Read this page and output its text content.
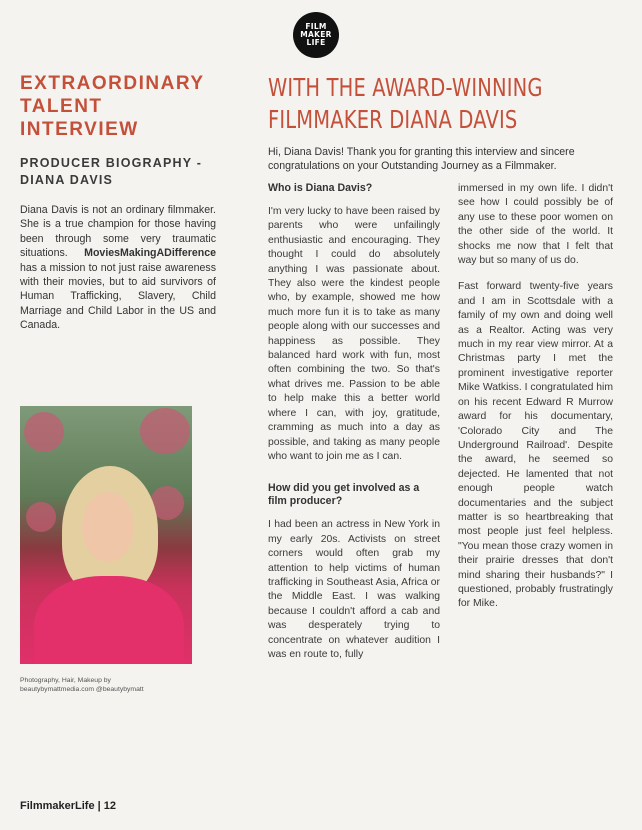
FILM
MAKER
LIFE
EXTRAORDINARY TALENT INTERVIEW
PRODUCER BIOGRAPHY - DIANA DAVIS

Diana Davis is not an ordinary filmmaker. She is a true champion for those having been through some very traumatic situations. MoviesMakingADifference has a mission to not just raise awareness with their movies, but to aid survivors of Human Trafficking, Slavery, Child Marriage and Child Labor in the US and Canada.

Photography, Hair, Makeup by
beautybymattmedia.com @beautybymatt
WITH THE AWARD-WINNING FILMMAKER DIANA DAVIS

Hi, Diana Davis! Thank you for granting this interview and sincere congratulations on your Outstanding Journey as a Filmmaker.

Who is Diana Davis?

I'm very lucky to have been raised by parents who were unfailingly enthusiastic and encouraging. They thought I could do absolutely anything I was passionate about. They also were the kindest people who, by example, showed me how much more fun it is to take as many people along with our successes and happiness as possible. They balanced hard work with fun, most often combining the two. So that's what drives me. Passion to be able to help make this a better world where I can, with joy, gratitude, cramming as much into a day as possible, and taking as many people who want to join me as I can.

How did you get involved as a film producer?

I had been an actress in New York in my early 20s. Activists on street corners would often grab my attention to help victims of human trafficking in Southeast Asia, Africa or the Middle East. I was walking because I couldn't afford a cab and was desperately trying to concentrate on whatever audition I was en route to, fully

immersed in my own life. I didn't see how I could possibly be of any use to these poor women on the other side of the world. It shocks me now that I felt that way but so many of us do.

Fast forward twenty-five years and I am in Scottsdale with a family of my own and doing well as a Realtor. Acting was very much in my rear view mirror. At a Christmas party I met the prominent investigative reporter Mike Watkiss. I congratulated him on his recent Edward R Murrow award for his documentary, 'Colorado City and The Underground Railroad'. Despite the award, he seemed so dejected. He lamented that not enough people watch documentaries and the subject matter is so heartbreaking that most people just feel helpless. "You mean those crazy women in their prairie dresses that don't mind sharing their husbands?" I questioned, probably frustratingly for Mike.

FilmmakerLife | 12
